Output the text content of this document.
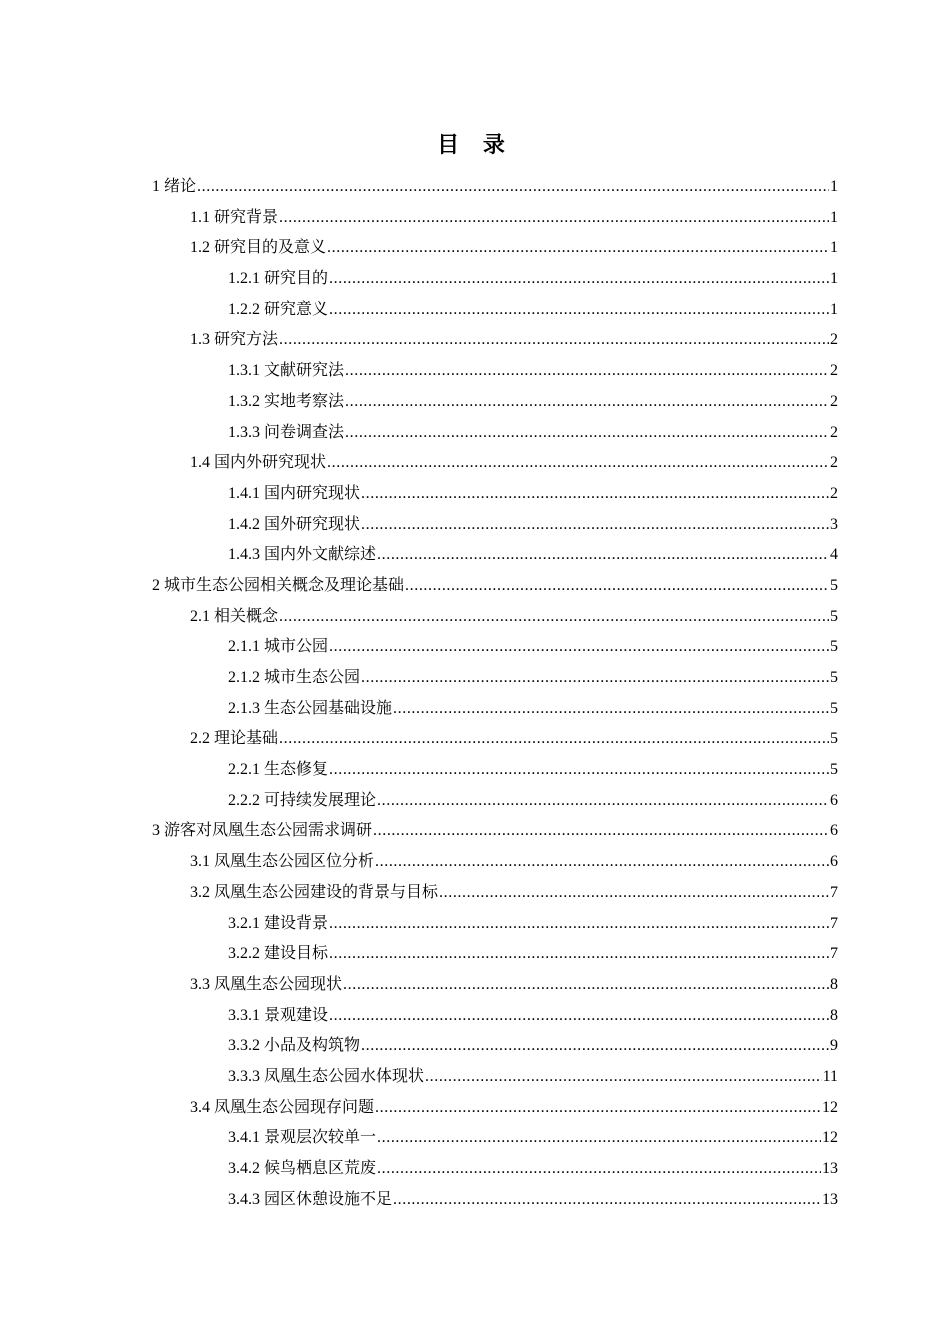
目 录
1 绪论 .....	1
1.1 研究背景 .....	1
1.2 研究目的及意义 .....	1
1.2.1 研究目的 .....	1
1.2.2 研究意义 .....	1
1.3 研究方法 .....	2
1.3.1 文献研究法 .....	2
1.3.2 实地考察法 .....	2
1.3.3 问卷调查法 .....	2
1.4 国内外研究现状 .....	2
1.4.1 国内研究现状 .....	2
1.4.2 国外研究现状 .....	3
1.4.3 国内外文献综述 .....	4
2 城市生态公园相关概念及理论基础 .....	5
2.1 相关概念 .....	5
2.1.1 城市公园 .....	5
2.1.2 城市生态公园 .....	5
2.1.3 生态公园基础设施 .....	5
2.2 理论基础 .....	5
2.2.1 生态修复 .....	5
2.2.2 可持续发展理论 .....	6
3 游客对凤凰生态公园需求调研 .....	6
3.1 凤凰生态公园区位分析 .....	6
3.2 凤凰生态公园建设的背景与目标 .....	7
3.2.1 建设背景 .....	7
3.2.2 建设目标 .....	7
3.3 凤凰生态公园现状 .....	8
3.3.1 景观建设 .....	8
3.3.2 小品及构筑物 .....	9
3.3.3 凤凰生态公园水体现状 .....	11
3.4 凤凰生态公园现存问题 .....	12
3.4.1 景观层次较单一 .....	12
3.4.2 候鸟栖息区荒废 .....	13
3.4.3 园区休憩设施不足 .....	13
